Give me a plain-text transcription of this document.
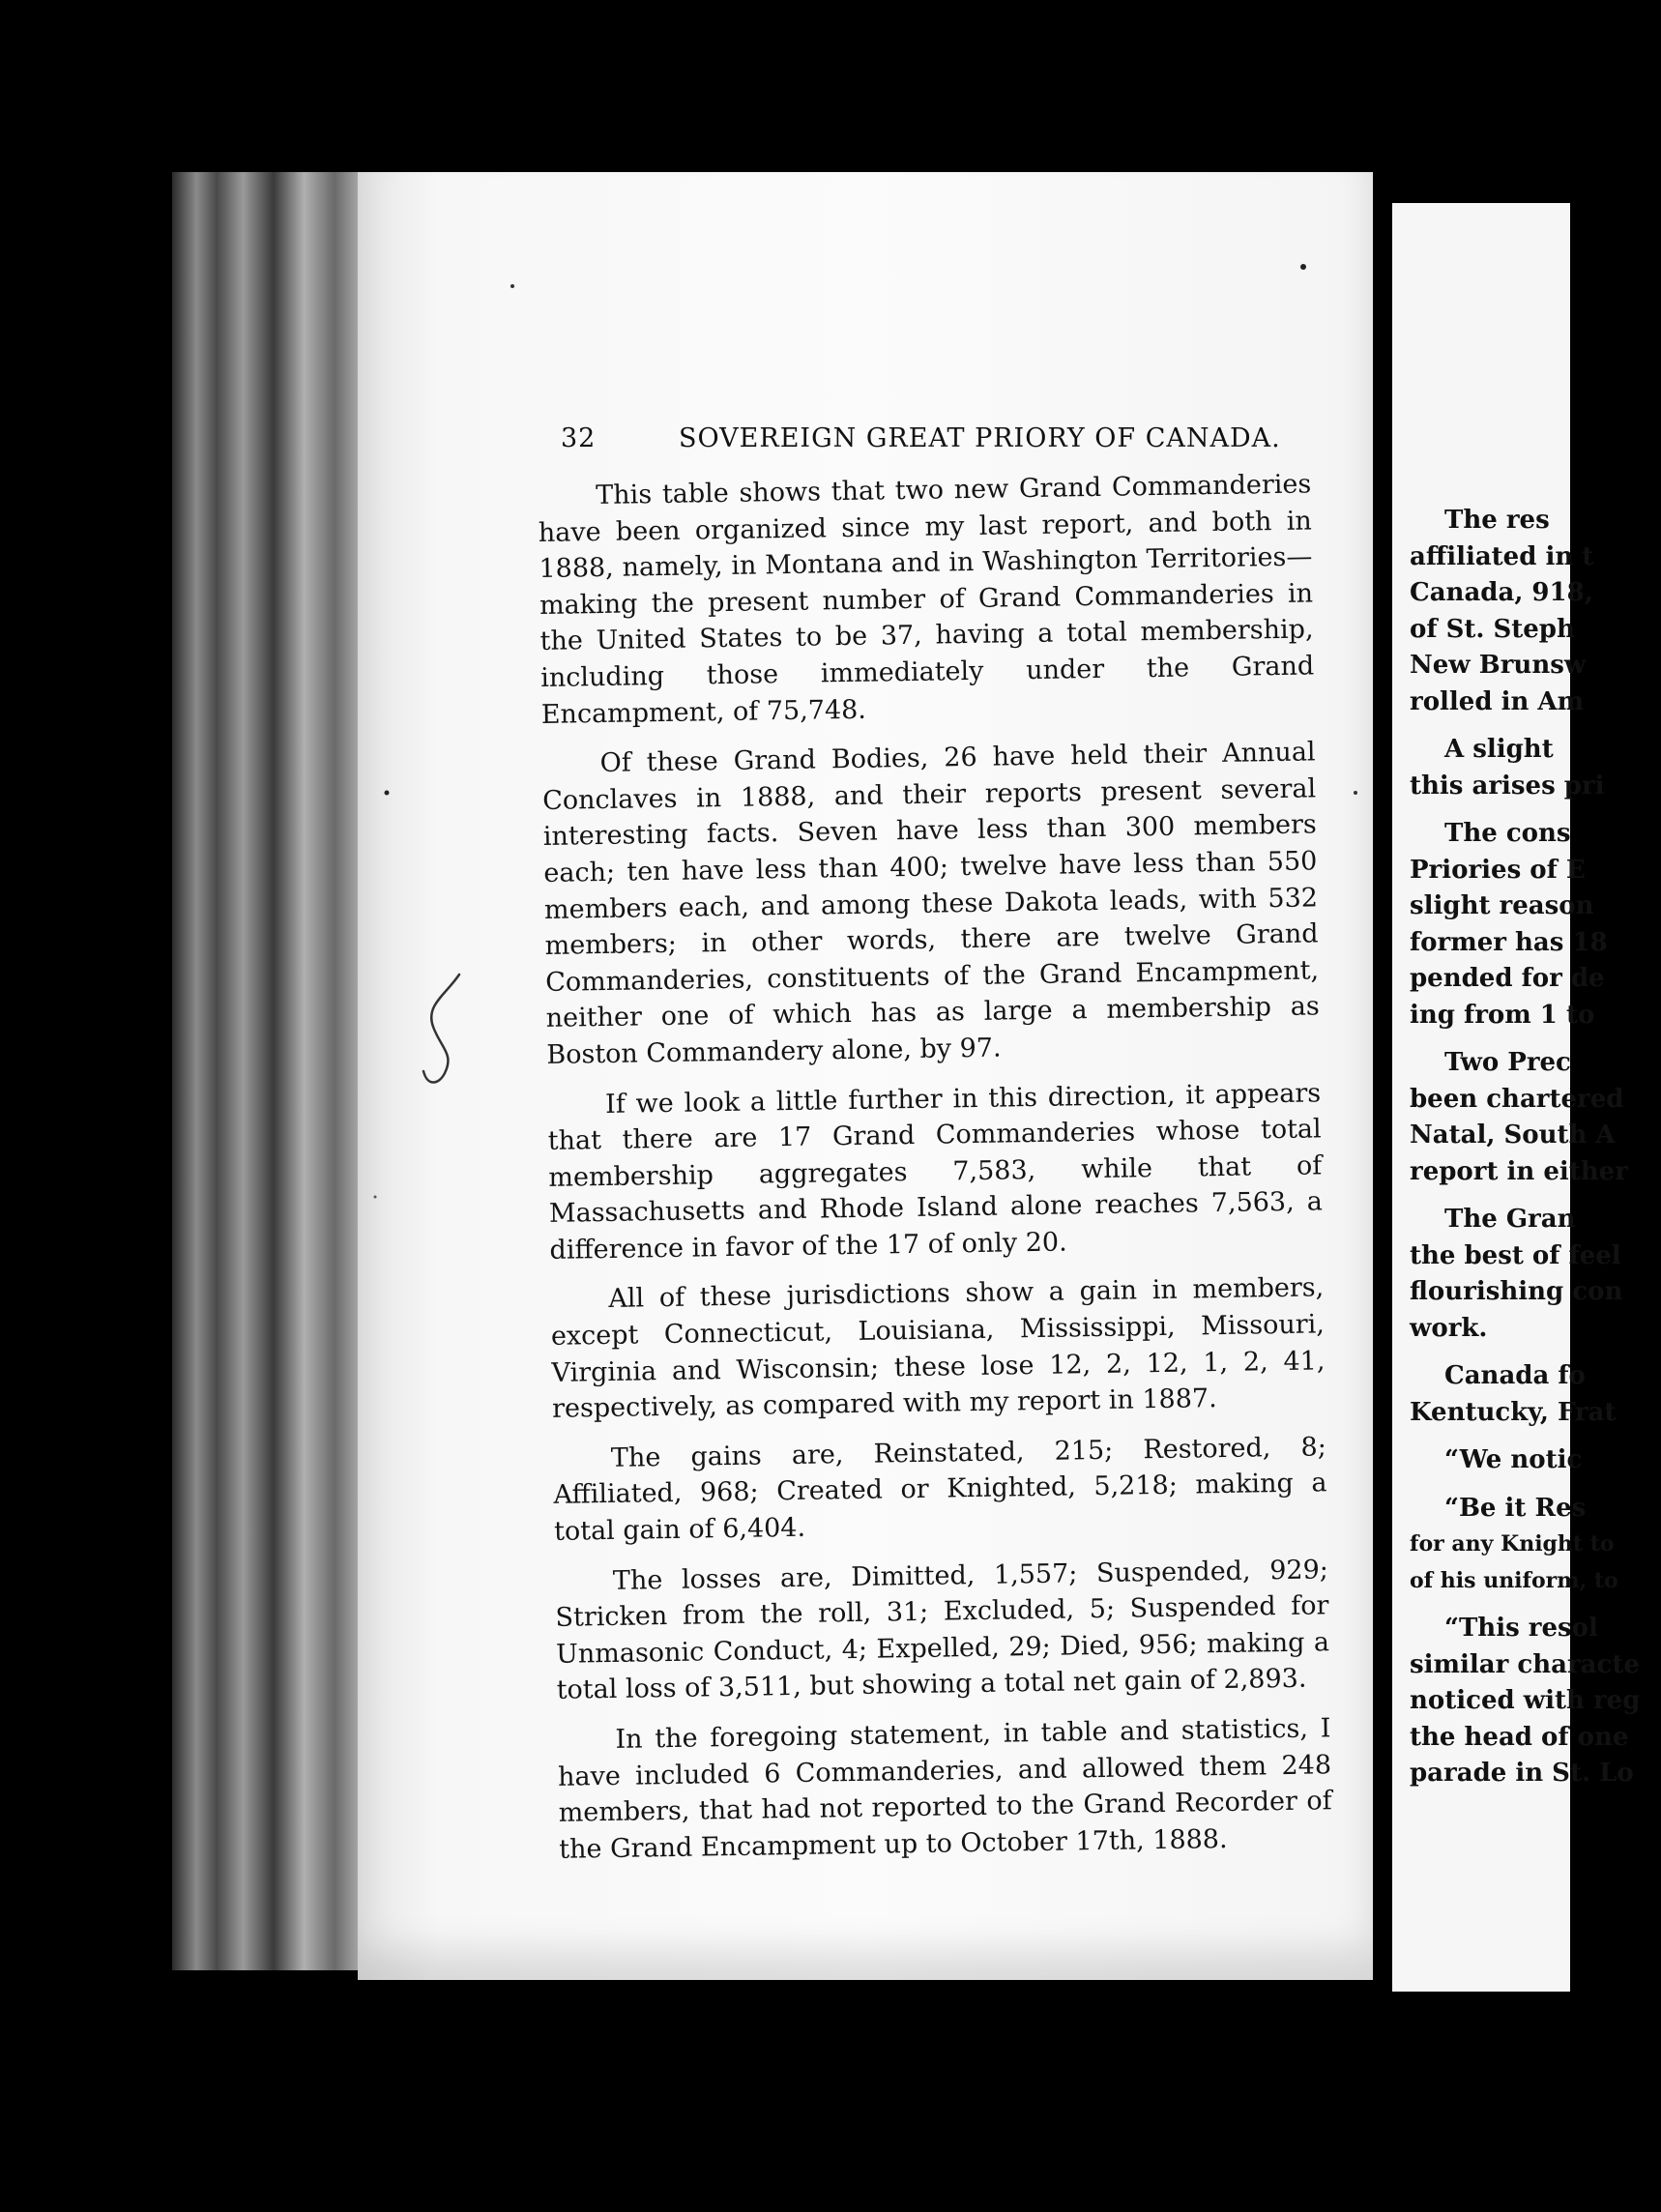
32	SOVEREIGN GREAT PRIORY OF CANADA.

This table shows that two new Grand Commanderies have been organized since my last report, and both in 1888, namely, in Montana and in Washington Territories—making the present number of Grand Commanderies in the United States to be 37, having a total membership, including those immediately under the Grand Encampment, of 75,748.

Of these Grand Bodies, 26 have held their Annual Conclaves in 1888, and their reports present several interesting facts. Seven have less than 300 members each; ten have less than 400; twelve have less than 550 members each, and among these Dakota leads, with 532 members; in other words, there are twelve Grand Commanderies, constituents of the Grand Encampment, neither one of which has as large a membership as Boston Commandery alone, by 97.

If we look a little further in this direction, it appears that there are 17 Grand Commanderies whose total membership aggregates 7,583, while that of Massachusetts and Rhode Island alone reaches 7,563, a difference in favor of the 17 of only 20.

All of these jurisdictions show a gain in members, except Connecticut, Louisiana, Mississippi, Missouri, Virginia and Wisconsin; these lose 12, 2, 12, 1, 2, 41, respectively, as compared with my report in 1887.

The gains are, Reinstated, 215; Restored, 8; Affiliated, 968; Created or Knighted, 5,218; making a total gain of 6,404.

The losses are, Dimitted, 1,557; Suspended, 929; Stricken from the roll, 31; Excluded, 5; Suspended for Unmasonic Conduct, 4; Expelled, 29; Died, 956; making a total loss of 3,511, but showing a total net gain of 2,893.

In the foregoing statement, in table and statistics, I have included 6 Commanderies, and allowed them 248 members, that had not reported to the Grand Recorder of the Grand Encampment up to October 17th, 1888.

The res
affiliated in t
Canada, 918,
of St. Steph
New Brunsw
rolled in Am
A slight
this arises pri
The cons
Priories of E
slight reason
former has 18
pended for de
ing from 1 to
Two Prec
been chartered
Natal, South A
report in either
The Gran
the best of feel
flourishing con
work.
Canada fo
Kentucky, Frat
“We notic
“Be it Res
for any Knight to
of his uniform, to
“This resol
similar characte
noticed with reg
the head of one
parade in St. Lo
